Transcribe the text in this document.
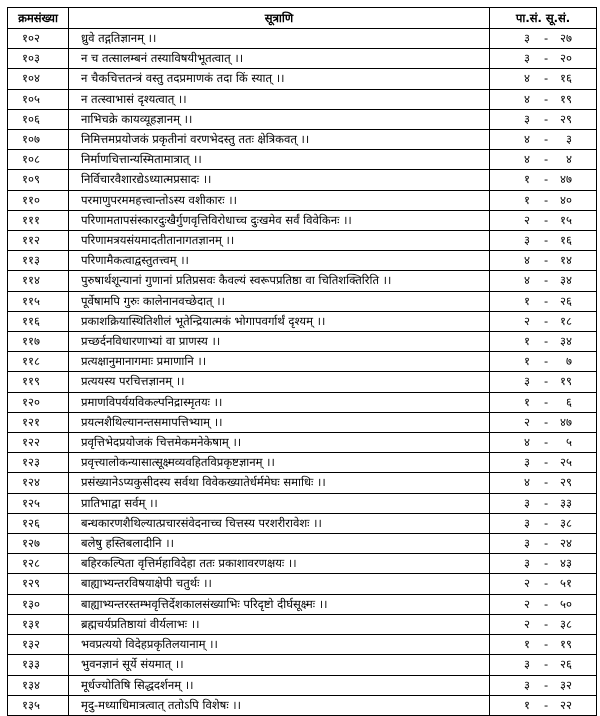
क्रमसंख्या	सूत्राणि	पा.सं. सू.सं.
१०२	ध्रुवे तद्गतिज्ञानम् ।।	३ - २७

१०३	न च तत्सालम्बनं तस्याविषयीभूतत्वात् ।।	३ - २०

१०४	न चैकचित्ततन्त्रं वस्तु तदप्रमाणकं तदा किं स्यात् ।।	४ - १६

१०५	न तत्स्वाभासं दृश्यत्वात् ।।	४ - १९

१०६	नाभिचक्रे कायव्यूहज्ञानम् ।।	३ - २९

१०७	निमित्तमप्रयोजकं प्रकृतीनां वरणभेदस्तु ततः क्षेत्रिकवत् ।।	४ - ३

१०८	निर्माणचित्तान्यस्मितामात्रात् ।।	४ - ४

१०९	निर्विचारवैशारद्येऽध्यात्मप्रसादः ।।	१ - ४७

११०	परमाणुपरममहत्त्वान्तोऽस्य वशीकारः ।।	१ - ४०

१११	परिणामतापसंस्कारदुःखैर्गुणवृत्तिविरोधाच्च दुःखमेव सर्वं विवेकिनः ।।	२ - १५

११२	परिणामत्रयसंयमादतीतानागतज्ञानम् ।।	३ - १६

११३	परिणामैकत्वाद्वस्तुतत्त्वम् ।।	४ - १४

११४	पुरुषार्थशून्यानां गुणानां प्रतिप्रसवः कैवल्यं स्वरूपप्रतिष्ठा वा चितिशक्तिरिति ।।	४ - ३४

११५	पूर्वेषामपि गुरुः कालेनानवच्छेदात् ।।	१ - २६

११६	प्रकाशक्रियास्थितिशीलं भूतेन्द्रियात्मकं भोगापवर्गार्थं दृश्यम् ।।	२ - १८

११७	प्रच्छर्दनविधारणाभ्यां वा प्राणस्य ।।	१ - ३४

११८	प्रत्यक्षानुमानागमाः प्रमाणानि ।।	१ - ७

११९	प्रत्ययस्य परचित्तज्ञानम् ।।	३ - १९

१२०	प्रमाणविपर्ययविकल्पनिद्रास्मृतयः ।।	१ - ६

१२१	प्रयत्नशैथिल्यानन्तसमापत्तिभ्याम् ।।	२ - ४७

१२२	प्रवृत्तिभेदप्रयोजकं चित्तमेकमनेकेषाम् ।।	४ - ५

१२३	प्रवृत्त्यालोकन्यासात्सूक्ष्मव्यवहितविप्रकृष्टज्ञानम् ।।	३ - २५

१२४	प्रसंख्यानेऽप्यकुसीदस्य सर्वथा विवेकख्यातेर्धर्ममेघः समाधिः ।।	४ - २९

१२५	प्रातिभाद्वा सर्वम् ।।	३ - ३३

१२६	बन्धकारणशैथिल्यात्प्रचारसंवेदनाच्च चित्तस्य परशरीरावेशः ।।	३ - ३८

१२७	बलेषु हस्तिबलादीनि ।।	३ - २४

१२८	बहिरकल्पिता वृत्तिर्महाविदेहा ततः प्रकाशावरणक्षयः ।।	३ - ४३

१२९	बाह्याभ्यन्तरविषयाक्षेपी चतुर्थः ।।	२ - ५१

१३०	बाह्याभ्यन्तरस्तम्भवृत्तिर्देशकालसंख्याभिः परिदृष्टो दीर्घसूक्ष्मः ।।	२ - ५०

१३१	ब्रह्मचर्यप्रतिष्ठायां वीर्यलाभः ।।	२ - ३८

१३२	भवप्रत्ययो विदेहप्रकृतिलयानाम् ।।	१ - १९

१३३	भुवनज्ञानं सूर्ये संयमात् ।।	३ - २६

१३४	मूर्धज्योतिषि सिद्धदर्शनम् ।।	३ - ३२

१३५	मृदु-मध्याधिमात्रत्वात् ततोऽपि विशेषः ।।	१ - २२
